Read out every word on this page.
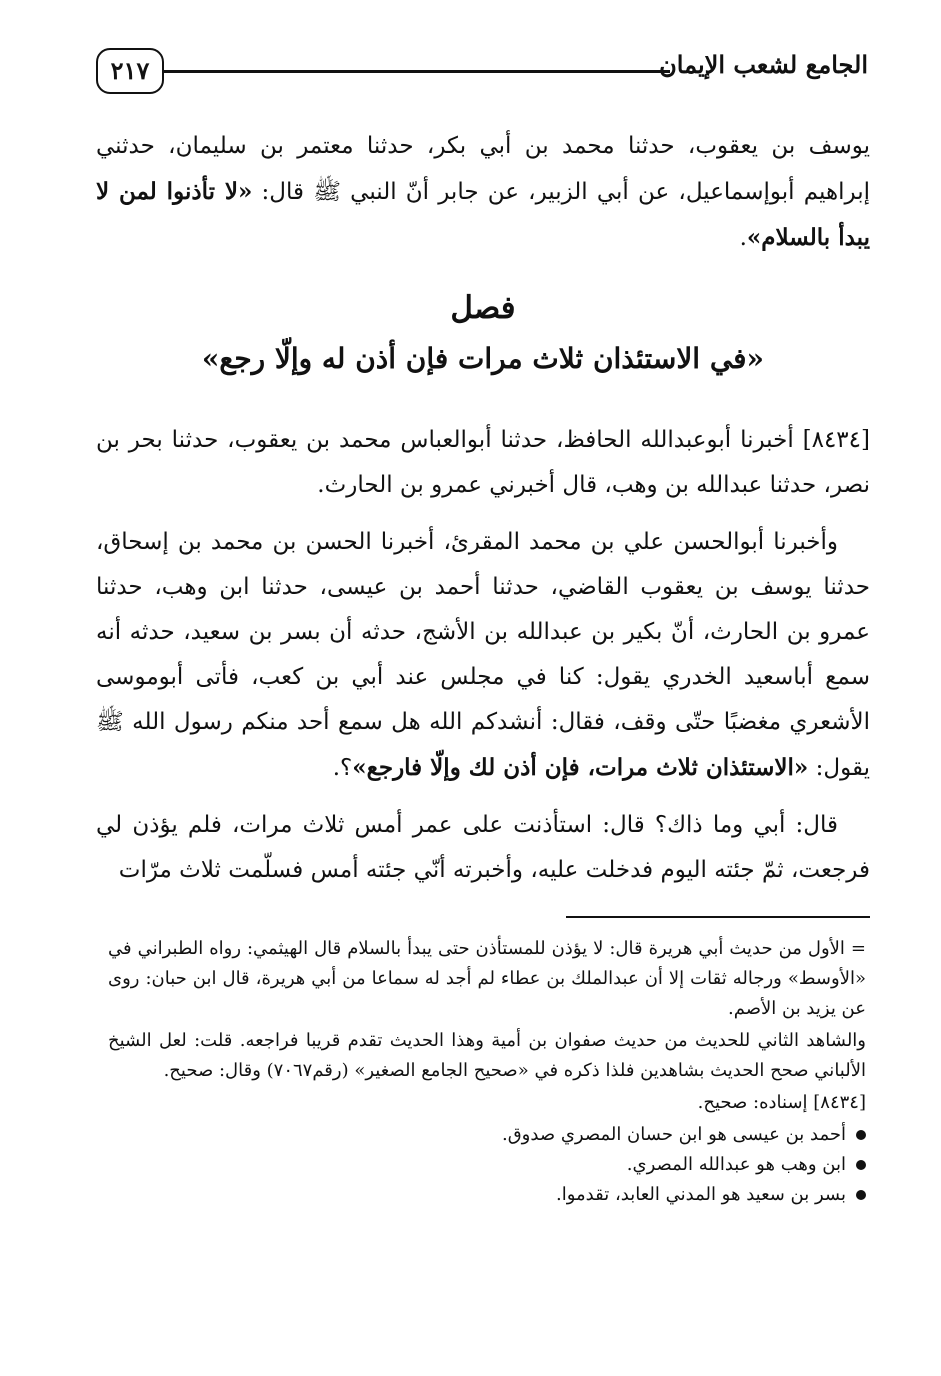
٢١٧	الجامع لشعب الإيمان

يوسف بن يعقوب، حدثنا محمد بن أبي بكر، حدثنا معتمر بن سليمان، حدثني إبراهيم أبوإسماعيل، عن أبي الزبير، عن جابر أنّ النبي ﷺ قال: «لا تأذنوا لمن لا يبدأ بالسلام».

فصل
«في الاستئذان ثلاث مرات فإن أذن له وإلّا رجع»

[٨٤٣٤] أخبرنا أبوعبدالله الحافظ، حدثنا أبوالعباس محمد بن يعقوب، حدثنا بحر بن نصر، حدثنا عبدالله بن وهب، قال أخبرني عمرو بن الحارث.

وأخبرنا أبوالحسن علي بن محمد المقرئ، أخبرنا الحسن بن محمد بن إسحاق، حدثنا يوسف بن يعقوب القاضي، حدثنا أحمد بن عيسى، حدثنا ابن وهب، حدثنا عمرو بن الحارث، أنّ بكير بن عبدالله بن الأشج، حدثه أن بسر بن سعيد، حدثه أنه سمع أباسعيد الخدري يقول: كنا في مجلس عند أبي بن كعب، فأتى أبوموسى الأشعري مغضبًا حتّى وقف، فقال: أنشدكم الله هل سمع أحد منكم رسول الله ﷺ يقول: «الاستئذان ثلاث مرات، فإن أذن لك وإلّا فارجع»؟.

قال: أبي وما ذاك؟ قال: استأذنت على عمر أمس ثلاث مرات، فلم يؤذن لي فرجعت، ثمّ جئته اليوم فدخلت عليه، وأخبرته أنّي جئته أمس فسلّمت ثلاث مرّات

= الأول من حديث أبي هريرة قال: لا يؤذن للمستأذن حتى يبدأ بالسلام قال الهيثمي: رواه الطبراني في «الأوسط» ورجاله ثقات إلا أن عبدالملك بن عطاء لم أجد له سماعا من أبي هريرة، قال ابن حبان: روى عن يزيد بن الأصم.

والشاهد الثاني للحديث من حديث صفوان بن أمية وهذا الحديث تقدم قريبا فراجعه. قلت: لعل الشيخ الألباني صحح الحديث بشاهدين فلذا ذكره في «صحيح الجامع الصغير» (رقم٧٠٦٧) وقال: صحيح.

[٨٤٣٤] إسناده: صحيح.

أحمد بن عيسى هو ابن حسان المصري صدوق.
ابن وهب هو عبدالله المصري.
بسر بن سعيد هو المدني العابد، تقدموا.
